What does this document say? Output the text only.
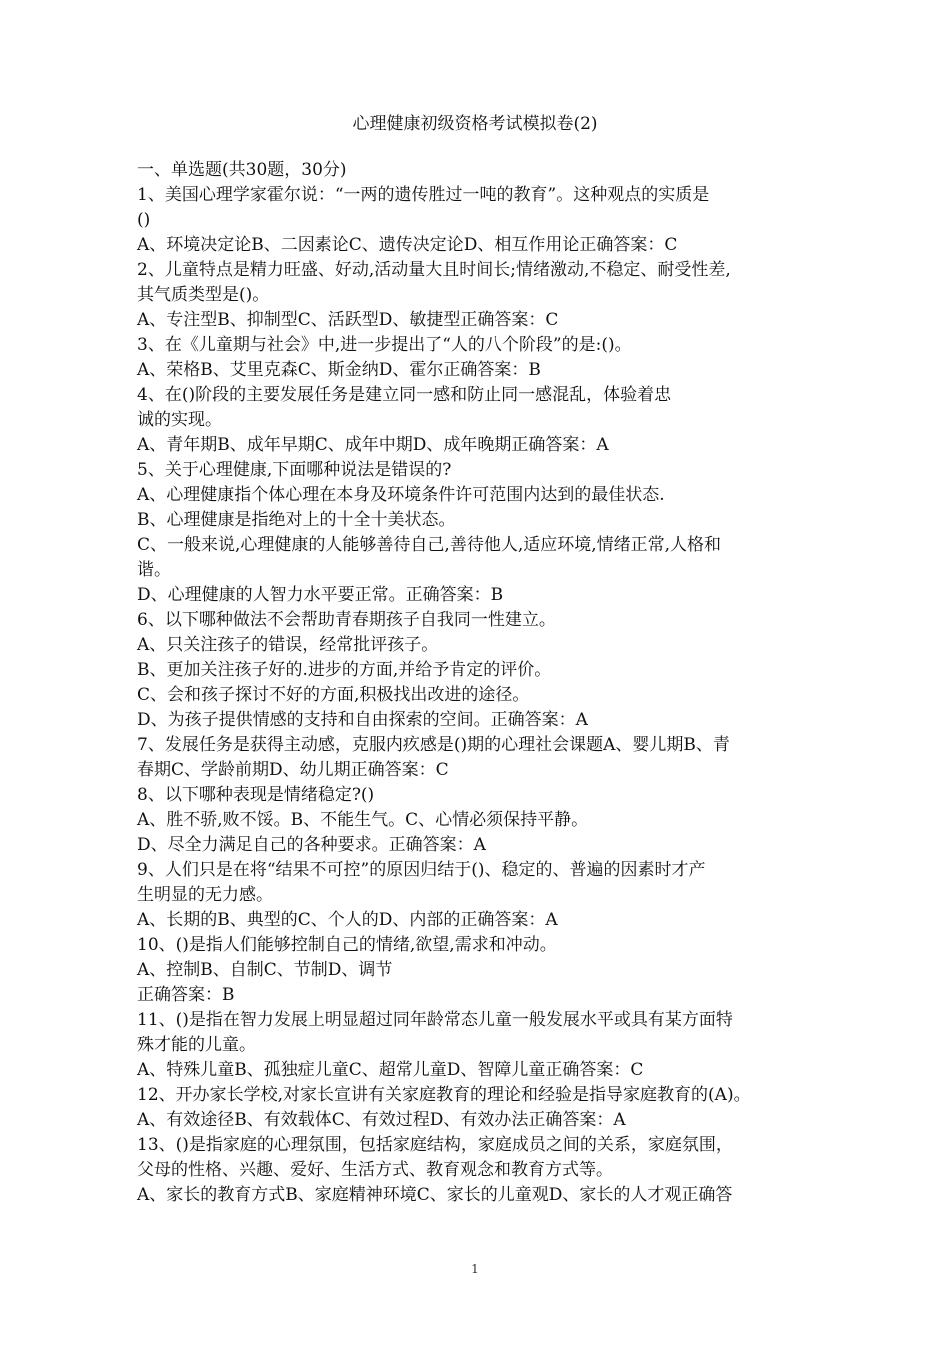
心理健康初级资格考试模拟卷(2)
一、单选题(共30题，30分)
1、美国心理学家霍尔说：“一两的遗传胜过一吨的教育”。这种观点的实质是
()
A、环境决定论B、二因素论C、遗传决定论D、相互作用论正确答案：C
2、儿童特点是精力旺盛、好动,活动量大且时间长;情绪激动,不稳定、耐受性差,
其气质类型是()。
A、专注型B、抑制型C、活跃型D、敏捷型正确答案：C
3、在《儿童期与社会》中,进一步提出了“人的八个阶段”的是:()。
A、荣格B、艾里克森C、斯金纳D、霍尔正确答案：B
4、在()阶段的主要发展任务是建立同一感和防止同一感混乱，体验着忠
诚的实现。
A、青年期B、成年早期C、成年中期D、成年晚期正确答案：A
5、关于心理健康,下面哪种说法是错误的?
A、心理健康指个体心理在本身及环境条件许可范围内达到的最佳状态.
B、心理健康是指绝对上的十全十美状态。
C、一般来说,心理健康的人能够善待自己,善待他人,适应环境,情绪正常,人格和
谐。
D、心理健康的人智力水平要正常。正确答案：B
6、以下哪种做法不会帮助青春期孩子自我同一性建立。
A、只关注孩子的错误，经常批评孩子。
B、更加关注孩子好的.进步的方面,并给予肯定的评价。
C、会和孩子探讨不好的方面,积极找出改进的途径。
D、为孩子提供情感的支持和自由探索的空间。正确答案：A
7、发展任务是获得主动感，克服内疚感是()期的心理社会课题A、婴儿期B、青
春期C、学龄前期D、幼儿期正确答案：C
8、以下哪种表现是情绪稳定?()
A、胜不骄,败不馁。B、不能生气。C、心情必须保持平静。
D、尽全力满足自己的各种要求。正确答案：A
9、人们只是在将“结果不可控”的原因归结于()、稳定的、普遍的因素时才产
生明显的无力感。
A、长期的B、典型的C、个人的D、内部的正确答案：A
10、()是指人们能够控制自己的情绪,欲望,需求和冲动。
A、控制B、自制C、节制D、调节
正确答案：B
11、()是指在智力发展上明显超过同年龄常态儿童一般发展水平或具有某方面特
殊才能的儿童。
A、特殊儿童B、孤独症儿童C、超常儿童D、智障儿童正确答案：C
12、开办家长学校,对家长宣讲有关家庭教育的理论和经验是指导家庭教育的(A)。
A、有效途径B、有效载体C、有效过程D、有效办法正确答案：A
13、()是指家庭的心理氛围，包括家庭结构，家庭成员之间的关系，家庭氛围，
父母的性格、兴趣、爱好、生活方式、教育观念和教育方式等。
A、家长的教育方式B、家庭精神环境C、家长的儿童观D、家长的人才观正确答
1
